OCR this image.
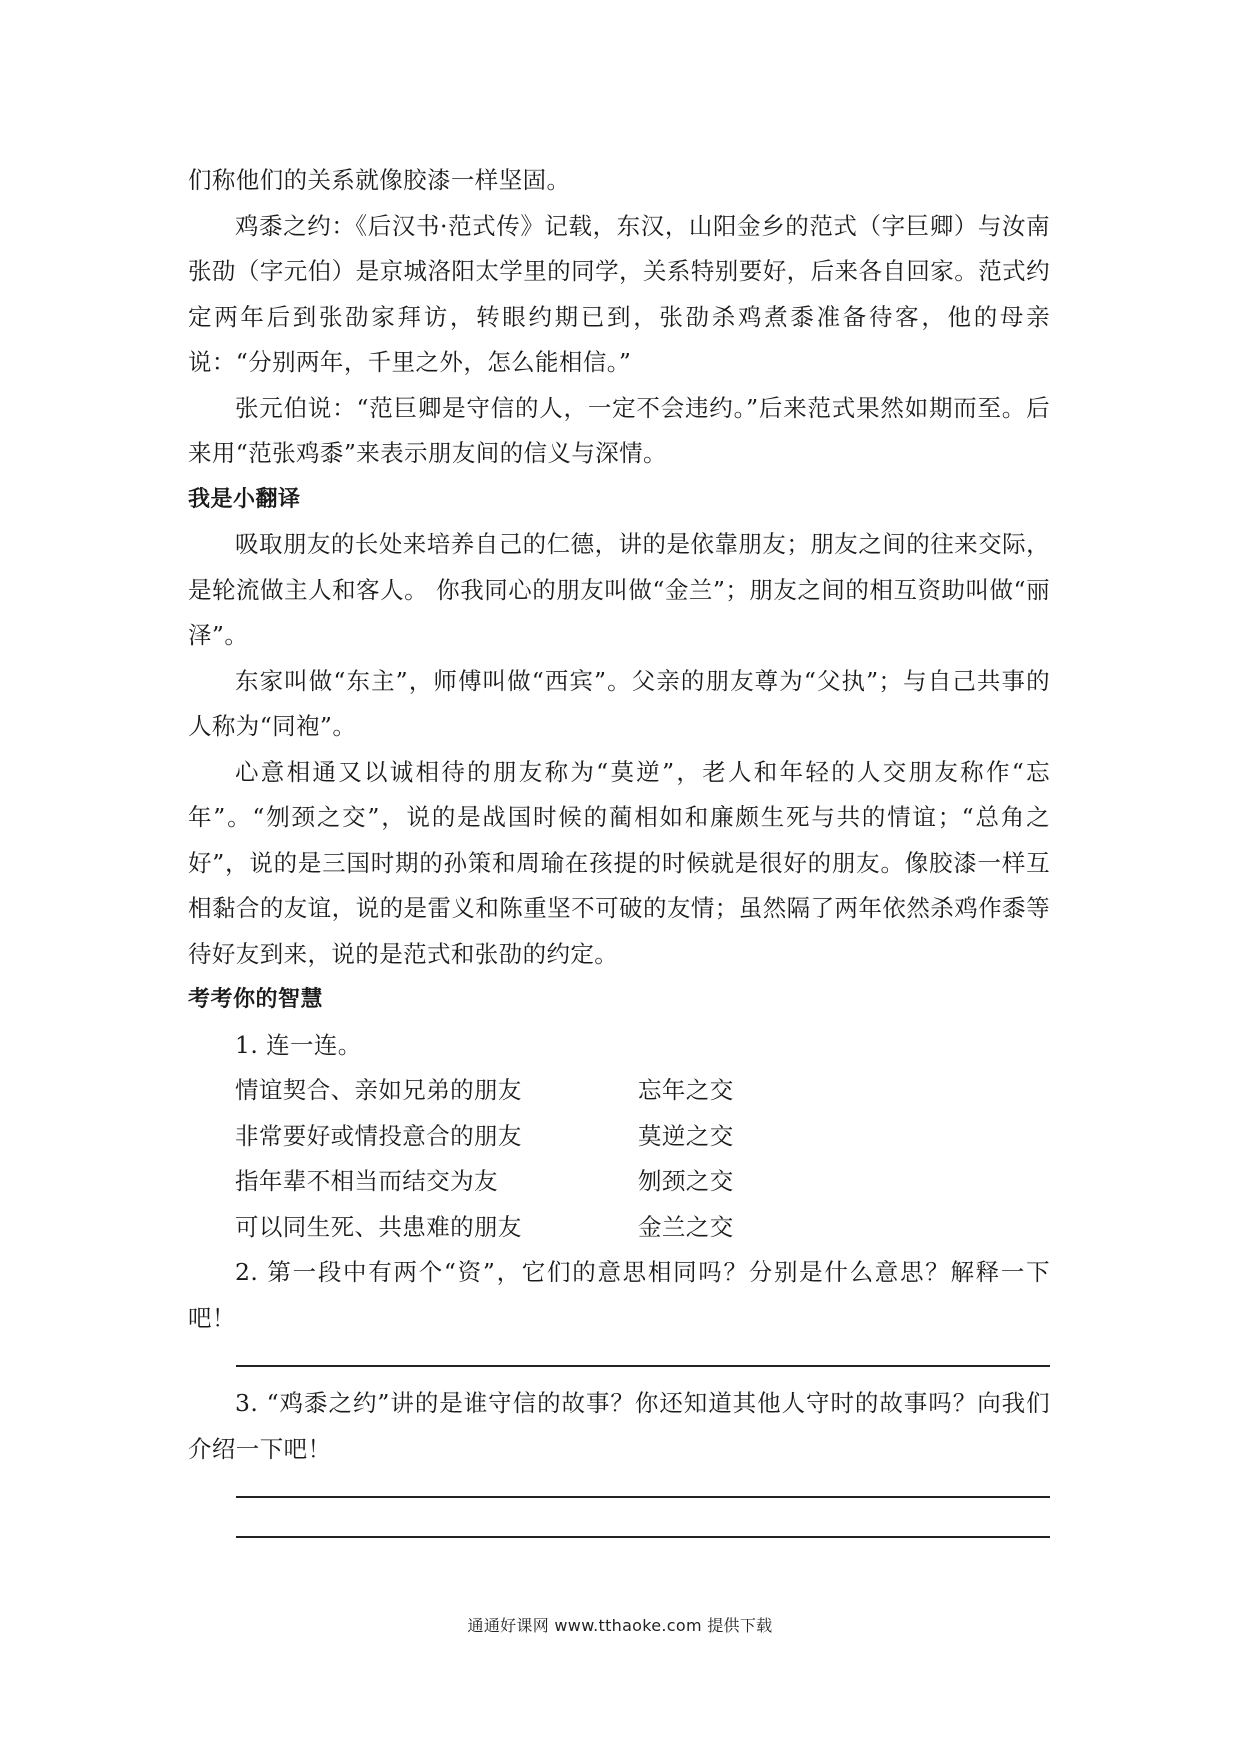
们称他们的关系就像胶漆一样坚固。

鸡黍之约：《后汉书·范式传》记载，东汉，山阳金乡的范式（字巨卿）与汝南张劭（字元伯）是京城洛阳太学里的同学，关系特别要好，后来各自回家。范式约定两年后到张劭家拜访，转眼约期已到，张劭杀鸡煮黍准备待客，他的母亲说：“分别两年，千里之外，怎么能相信。”

张元伯说：“范巨卿是守信的人，一定不会违约。”后来范式果然如期而至。后来用“范张鸡黍”来表示朋友间的信义与深情。

我是小翻译

吸取朋友的长处来培养自己的仁德，讲的是依靠朋友；朋友之间的往来交际，是轮流做主人和客人。 你我同心的朋友叫做“金兰”；朋友之间的相互资助叫做“丽泽”。

东家叫做“东主”，师傅叫做“西宾”。父亲的朋友尊为“父执”；与自己共事的人称为“同袍”。

心意相通又以诚相待的朋友称为“莫逆”，老人和年轻的人交朋友称作“忘年”。“刎颈之交”，说的是战国时候的蔺相如和廉颇生死与共的情谊；“总角之好”，说的是三国时期的孙策和周瑜在孩提的时候就是很好的朋友。像胶漆一样互相黏合的友谊，说的是雷义和陈重坚不可破的友情；虽然隔了两年依然杀鸡作黍等待好友到来，说的是范式和张劭的约定。

考考你的智慧

1. 连一连。

情谊契合、亲如兄弟的朋友	忘年之交
非常要好或情投意合的朋友	莫逆之交
指年辈不相当而结交为友	刎颈之交
可以同生死、共患难的朋友	金兰之交

2. 第一段中有两个“资”，它们的意思相同吗？分别是什么意思？解释一下吧！

3. “鸡黍之约”讲的是谁守信的故事？你还知道其他人守时的故事吗？向我们介绍一下吧！

通通好课网 www.tthaoke.com 提供下载
